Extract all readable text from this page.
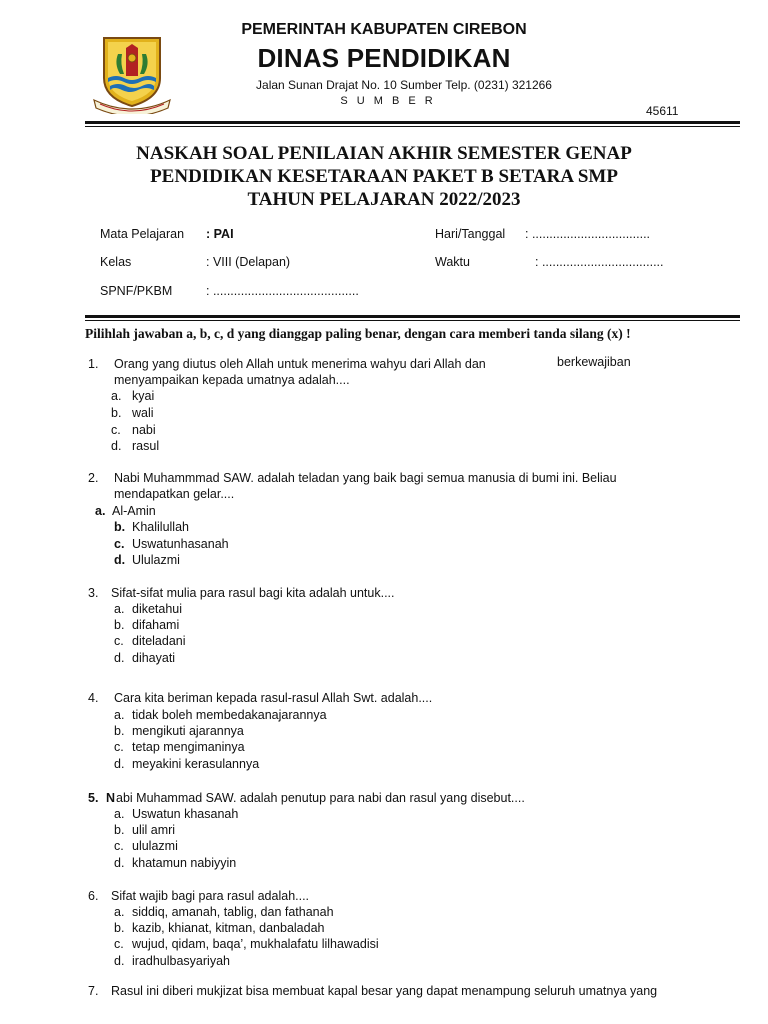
PEMERINTAH KABUPATEN CIREBON
DINAS PENDIDIKAN
Jalan Sunan Drajat No. 10 Sumber Telp. (0231) 321266
S U M B E R
45611
NASKAH SOAL PENILAIAN AKHIR SEMESTER GENAP
PENDIDIKAN KESETARAAN PAKET B SETARA SMP
TAHUN PELAJARAN 2022/2023
Mata Pelajaran : PAI	Hari/Tanggal : ..................................
Kelas	: VIII (Delapan)	Waktu	: ...................................
SPNF/PKBM	: ..........................................
Pilihlah jawaban a, b, c, d yang dianggap paling benar, dengan cara memberi tanda silang (x) !
1. Orang yang diutus oleh Allah untuk menerima wahyu dari Allah dan	berkewajiban
menyampaikan kepada umatnya adalah....
a. kyai
b. wali
c. nabi
d. rasul
2. Nabi Muhammmad SAW. adalah teladan yang baik bagi semua manusia di bumi ini. Beliau
mendapatkan gelar....
a. Al-Amin
b. Khalilullah
c. Uswatunhasanah
d. Ululazmi
3. Sifat-sifat mulia para rasul bagi kita adalah untuk....
a. diketahui
b. difahami
c. diteladani
d. dihayati
4. Cara kita beriman kepada rasul-rasul Allah Swt. adalah....
a. tidak boleh membedakanajarannya
b. mengikuti ajarannya
c. tetap mengimaninya
d. meyakini kerasulannya
5. N abi Muhammad SAW. adalah penutup para nabi dan rasul yang disebut....
a. Uswatun khasanah
b. ulil amri
c. ululazmi
d. khatamun nabiyyin
6. Sifat wajib bagi para rasul adalah....
a. siddiq, amanah, tablig, dan fathanah
b. kazib, khianat, kitman, danbaladah
c. wujud, qidam, baqa’, mukhalafatu lilhawadisi
d. iradhulbasyariyah
7. Rasul ini diberi mukjizat bisa membuat kapal besar yang dapat menampung seluruh umatnya yang
